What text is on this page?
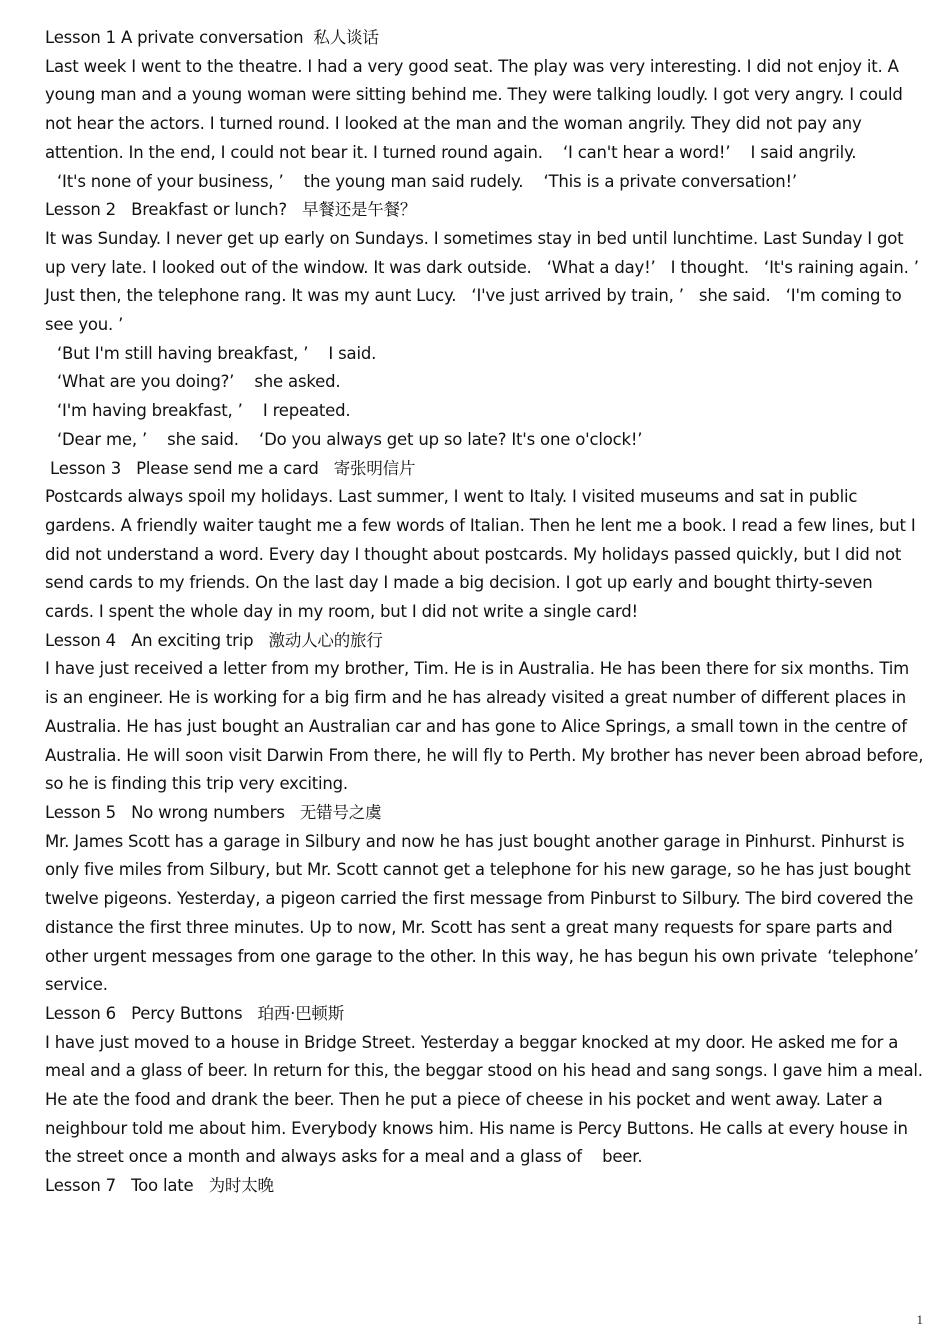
Lesson 1 A private conversation  私人谈话
Last week I went to the theatre. I had a very good seat. The play was very interesting. I did not enjoy it. A young man and a young woman were sitting behind me. They were talking loudly. I got very angry. I could not hear the actors. I turned round. I looked at the man and the woman angrily. They did not pay any attention. In the end, I could not bear it. I turned round again.    ‘I can't hear a word!’    I said angrily.
‘It's none of your business, ’    the young man said rudely.    ‘This is a private conversation!’
Lesson 2   Breakfast or lunch?   早餐还是午餐？
It was Sunday. I never get up early on Sundays. I sometimes stay in bed until lunchtime. Last Sunday I got up very late. I looked out of the window. It was dark outside.   ‘What a day!’   I thought.   ‘It's raining again. ’   Just then, the telephone rang. It was my aunt Lucy.   ‘I've just arrived by train, ’   she said.   ‘I'm coming to see you. ’
‘But I'm still having breakfast, ’    I said.
‘What are you doing?’    she asked.
‘I'm having breakfast, ’    I repeated.
‘Dear me, ’    she said.    ‘Do you always get up so late? It's one o'clock!’
Lesson 3   Please send me a card   寄张明信片
Postcards always spoil my holidays. Last summer, I went to Italy. I visited museums and sat in public gardens. A friendly waiter taught me a few words of Italian. Then he lent me a book. I read a few lines, but I did not understand a word. Every day I thought about postcards. My holidays passed quickly, but I did not send cards to my friends. On the last day I made a big decision. I got up early and bought thirty-seven cards. I spent the whole day in my room, but I did not write a single card!
Lesson 4   An exciting trip   激动人心的旅行
I have just received a letter from my brother, Tim. He is in Australia. He has been there for six months. Tim is an engineer. He is working for a big firm and he has already visited a great number of different places in Australia. He has just bought an Australian car and has gone to Alice Springs, a small town in the centre of Australia. He will soon visit Darwin From there, he will fly to Perth. My brother has never been abroad before, so he is finding this trip very exciting.
Lesson 5   No wrong numbers   无错号之虞
Mr. James Scott has a garage in Silbury and now he has just bought another garage in Pinhurst. Pinhurst is only five miles from Silbury, but Mr. Scott cannot get a telephone for his new garage, so he has just bought twelve pigeons. Yesterday, a pigeon carried the first message from Pinburst to Silbury. The bird covered the distance the first three minutes. Up to now, Mr. Scott has sent a great many requests for spare parts and other urgent messages from one garage to the other. In this way, he has begun his own private  ‘telephone’  service.
Lesson 6   Percy Buttons   珀西·巴顿斯
I have just moved to a house in Bridge Street. Yesterday a beggar knocked at my door. He asked me for a meal and a glass of beer. In return for this, the beggar stood on his head and sang songs. I gave him a meal. He ate the food and drank the beer. Then he put a piece of cheese in his pocket and went away. Later a neighbour told me about him. Everybody knows him. His name is Percy Buttons. He calls at every house in the street once a month and always asks for a meal and a glass of    beer.
Lesson 7   Too late   为时太晚
1
